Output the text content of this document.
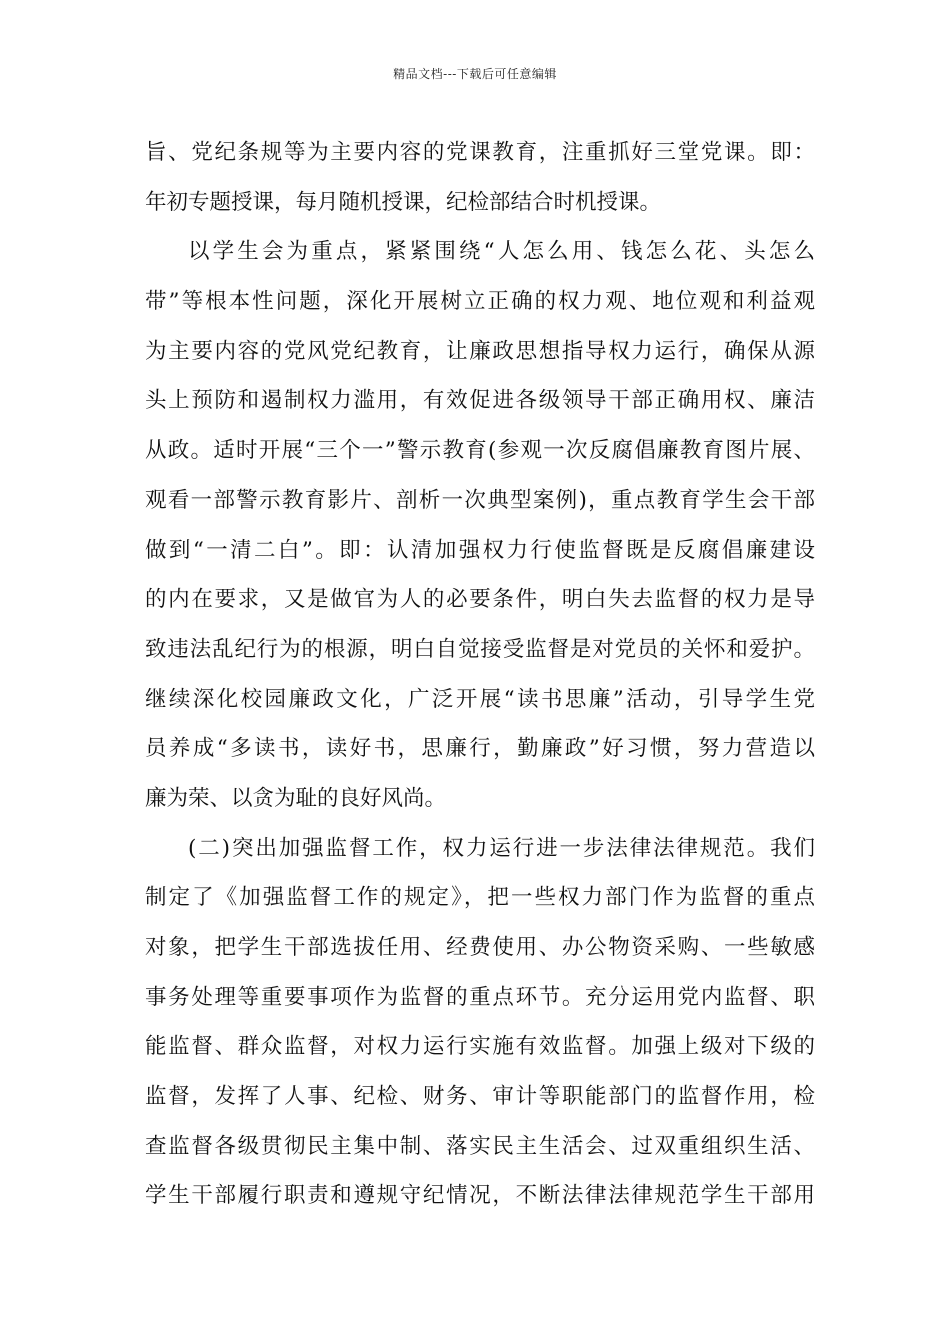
精品文档---下载后可任意编辑
旨、党纪条规等为主要内容的党课教育，注重抓好三堂党课。即：
年初专题授课，每月随机授课，纪检部结合时机授课。
以学生会为重点，紧紧围绕“人怎么用、钱怎么花、头怎么
带”等根本性问题，深化开展树立正确的权力观、地位观和利益观
为主要内容的党风党纪教育，让廉政思想指导权力运行，确保从源
头上预防和遏制权力滥用，有效促进各级领导干部正确用权、廉洁
从政。适时开展“三个一”警示教育(参观一次反腐倡廉教育图片展、
观看一部警示教育影片、剖析一次典型案例)，重点教育学生会干部
做到“一清二白”。即：认清加强权力行使监督既是反腐倡廉建设
的内在要求，又是做官为人的必要条件，明白失去监督的权力是导
致违法乱纪行为的根源，明白自觉接受监督是对党员的关怀和爱护。
继续深化校园廉政文化，广泛开展“读书思廉”活动，引导学生党
员养成“多读书，读好书，思廉行，勤廉政”好习惯，努力营造以
廉为荣、以贪为耻的良好风尚。
(二)突出加强监督工作，权力运行进一步法律法律规范。我们
制定了《加强监督工作的规定》，把一些权力部门作为监督的重点
对象，把学生干部选拔任用、经费使用、办公物资采购、一些敏感
事务处理等重要事项作为监督的重点环节。充分运用党内监督、职
能监督、群众监督，对权力运行实施有效监督。加强上级对下级的
监督，发挥了人事、纪检、财务、审计等职能部门的监督作用，检
查监督各级贯彻民主集中制、落实民主生活会、过双重组织生活、
学生干部履行职责和遵规守纪情况，不断法律法律规范学生干部用
